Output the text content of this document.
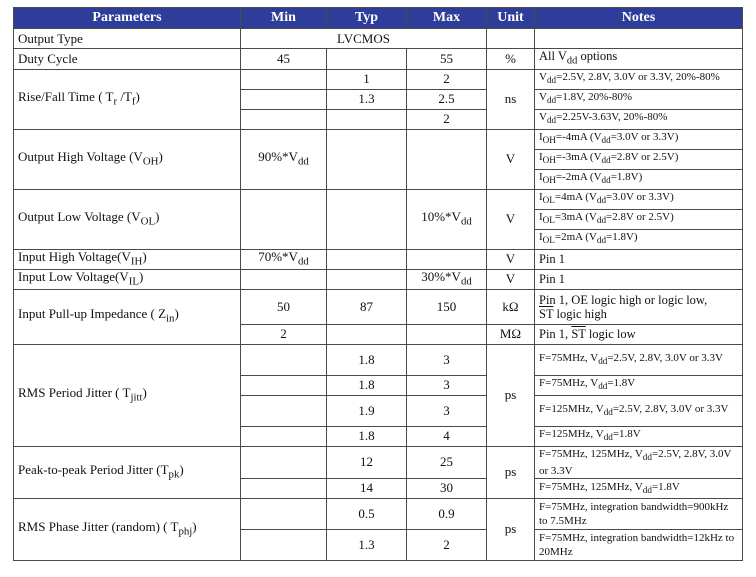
Parameters	Min	Typ	Max	Unit	Notes
Output Type	LVCMOS				
Duty Cycle	45		55	%	All $V_{dd}$ options
Rise/Fall Time ( $T_r$ $/T_f$)		1	2	ns	$V_{dd}=2.5V$, 2.8V, 3.0V or 3.3V, 20%-80%
		1.3	2.5		$V_{dd}=1.8V$, 20%-80%
			2		$V_{dd}=2.25V-3.63V$, 20%-80%
Output High Voltage $(V_{OH})$	$90\%*V_{dd}$			V	$I_{OH}=-4mA$ ($V_{dd}=3.0V$ or 3.3V)
					$I_{OH}=-3mA$ ($V_{dd}=2.8V$ or 2.5V)
					$I_{OH}=-2mA$ $(V_{dd}=1.8V)$
Output Low Voltage $(V_{OL})$			$10\%*V_{dd}$	V	$I_{OL}=4mA$ ($V_{dd}=3.0V$ or 3.3V)
					$I_{OL}=3mA$ ($V_{dd}=2.8V$ or 2.5V)
					$I_{OL}=2mA$ $(V_{dd}=1.8V)$
Input High $Voltage(V_{IH})$	$70\%*V_{dd}$			V	Pin 1
Input Low $Voltage(V_{IL})$			$30\%*V_{dd}$	V	Pin 1
Input Pull-up Impedance ( $Z_{in}$)	50	87	150	kΩ	Pin 1, OE logic high or logic low,
$\overline{ST}$ logic high
	2			MΩ	Pin 1, $\overline{ST}$ logic low
RMS Period Jitter ( $T_{jitt}$)		1.8	3	ps	F=75MHz, $V_{dd}=2.5V$, 2.8V, 3.0V or 3.3V
		1.8	3		F=75MHz, $V_{dd}=1.8V$
		1.9	3		F=125MHz, $V_{dd}=2.5V$, 2.8V, 3.0V or 3.3V
		1.8	4		F=125MHz, $V_{dd}=1.8V$
Peak-to-peak Period Jitter $(T_{pk})$		12	25	ps	F=75MHz, 125MHz, $V_{dd}=2.5V$, 2.8V, 3.0V or 3.3V
		14	30		F=75MHz, 125MHz, $V_{dd}=1.8V$
RMS Phase Jitter (random) ( $T_{phj}$)		0.5	0.9	ps	F=75MHz, integration bandwidth=900kHz to 7.5MHz
		1.3	2		F=75MHz, integration bandwidth=12kHz to 20MHz
